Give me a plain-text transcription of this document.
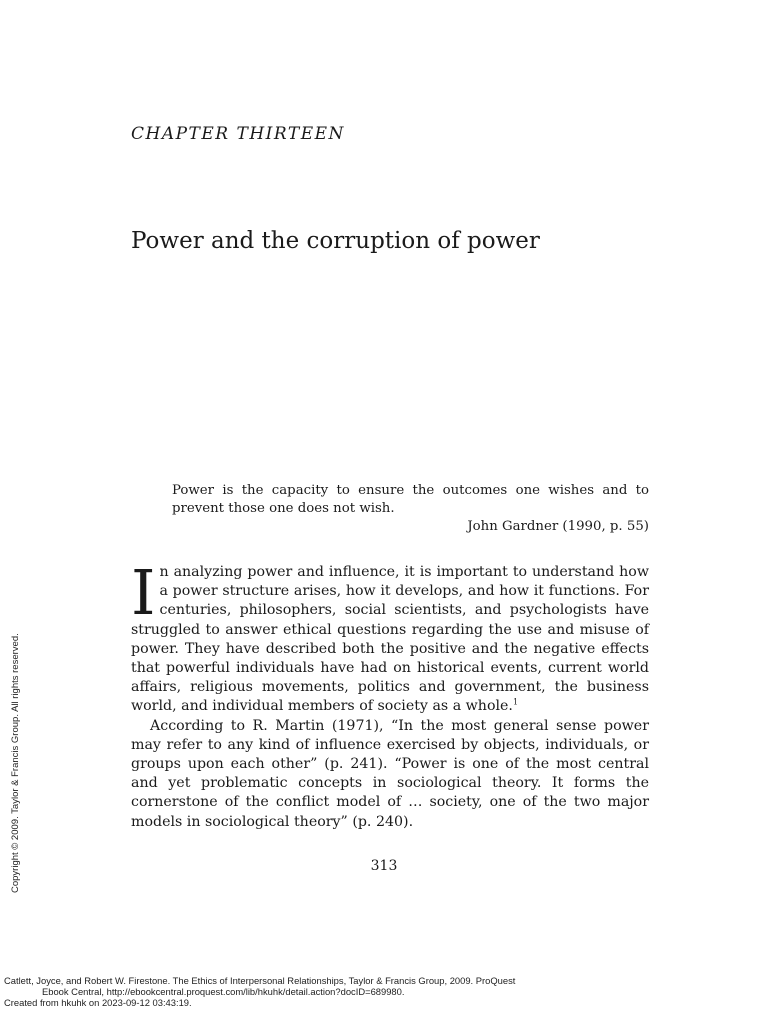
CHAPTER THIRTEEN
Power and the corruption of power

Power is the capacity to ensure the outcomes one wishes and to prevent those one does not wish.

John Gardner (1990, p. 55)

In analyzing power and influence, it is important to understand how a power structure arises, how it develops, and how it functions. For centuries, philosophers, social scientists, and psychologists have struggled to answer ethical questions regarding the use and misuse of power. They have described both the positive and the negative effects that powerful individuals have had on historical events, current world affairs, religious movements, politics and government, the business world, and individual members of society as a whole.$^1$

According to R. Martin (1971), “In the most general sense power may refer to any kind of influence exercised by objects, individuals, or groups upon each other” (p. 241). “Power is one of the most central and yet problematic concepts in sociological theory. It forms the cornerstone of the conflict model of … society, one of the two major models in sociological theory” (p. 240).

313
Copyright © 2009. Taylor & Francis Group. All rights reserved.
Catlett, Joyce, and Robert W. Firestone. The Ethics of Interpersonal Relationships, Taylor & Francis Group, 2009. ProQuest
Ebook Central, http://ebookcentral.proquest.com/lib/hkuhk/detail.action?docID=689980.
Created from hkuhk on 2023-09-12 03:43:19.
